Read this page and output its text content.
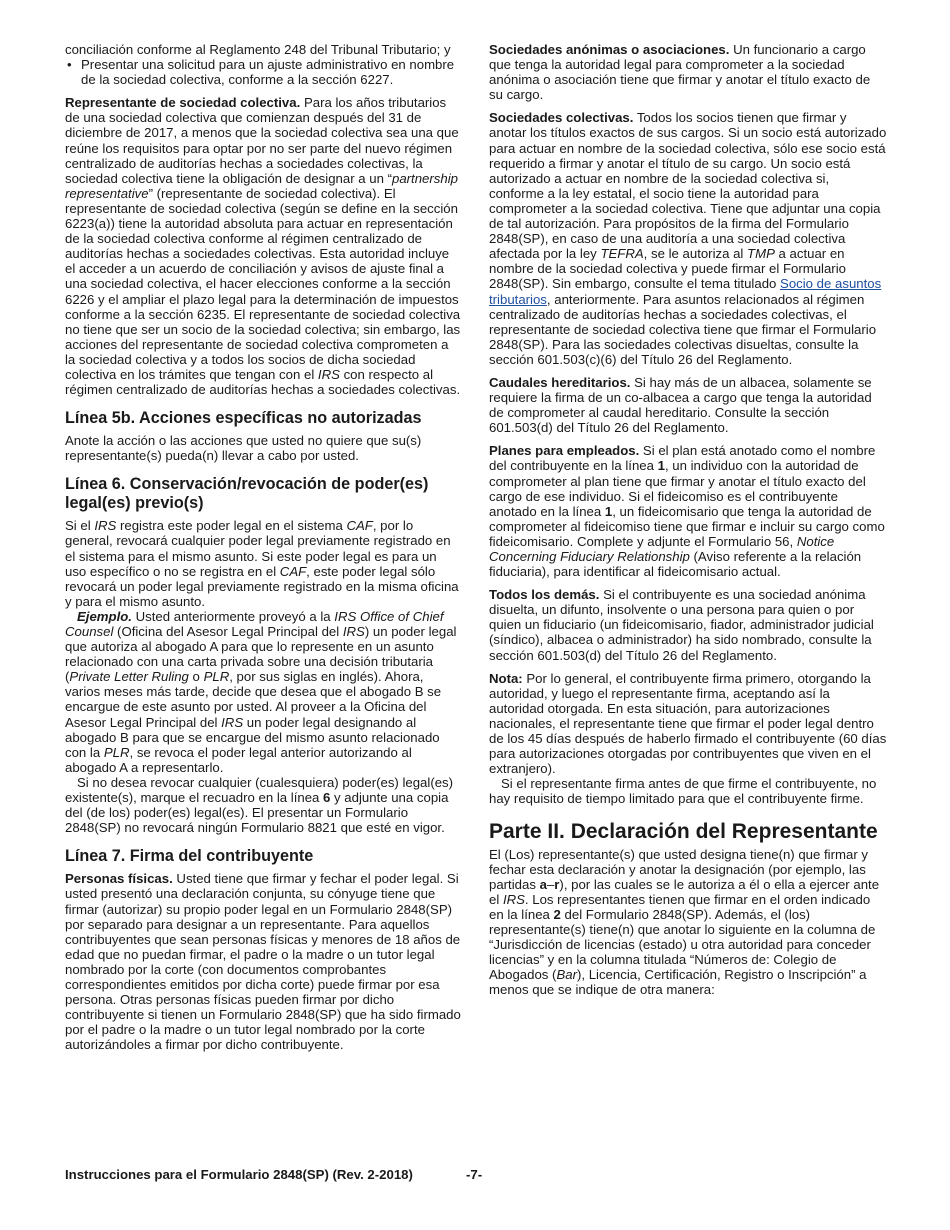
conciliación conforme al Reglamento 248 del Tribunal Tributario; y

• Presentar una solicitud para un ajuste administrativo en nombre de la sociedad colectiva, conforme a la sección 6227.

Representante de sociedad colectiva. Para los años tributarios de una sociedad colectiva que comienzan después del 31 de diciembre de 2017, a menos que la sociedad colectiva sea una que reúne los requisitos para optar por no ser parte del nuevo régimen centralizado de auditorías hechas a sociedades colectivas, la sociedad colectiva tiene la obligación de designar a un “partnership representative” (representante de sociedad colectiva). El representante de sociedad colectiva (según se define en la sección 6223(a)) tiene la autoridad absoluta para actuar en representación de la sociedad colectiva conforme al régimen centralizado de auditorías hechas a sociedades colectivas. Esta autoridad incluye el acceder a un acuerdo de conciliación y avisos de ajuste final a una sociedad colectiva, el hacer elecciones conforme a la sección 6226 y el ampliar el plazo legal para la determinación de impuestos conforme a la sección 6235. El representante de sociedad colectiva no tiene que ser un socio de la sociedad colectiva; sin embargo, las acciones del representante de sociedad colectiva comprometen a la sociedad colectiva y a todos los socios de dicha sociedad colectiva en los trámites que tengan con el IRS con respecto al régimen centralizado de auditorías hechas a sociedades colectivas.

Línea 5b. Acciones específicas no autorizadas

Anote la acción o las acciones que usted no quiere que su(s) representante(s) pueda(n) llevar a cabo por usted.

Línea 6. Conservación/revocación de poder(es) legal(es) previo(s)

Si el IRS registra este poder legal en el sistema CAF, por lo general, revocará cualquier poder legal previamente registrado en el sistema para el mismo asunto. Si este poder legal es para un uso específico o no se registra en el CAF, este poder legal sólo revocará un poder legal previamente registrado en la misma oficina y para el mismo asunto.

Ejemplo. Usted anteriormente proveyó a la IRS Office of Chief Counsel (Oficina del Asesor Legal Principal del IRS) un poder legal que autoriza al abogado A para que lo represente en un asunto relacionado con una carta privada sobre una decisión tributaria (Private Letter Ruling o PLR, por sus siglas en inglés). Ahora, varios meses más tarde, decide que desea que el abogado B se encargue de este asunto por usted. Al proveer a la Oficina del Asesor Legal Principal del IRS un poder legal designando al abogado B para que se encargue del mismo asunto relacionado con la PLR, se revoca el poder legal anterior autorizando al abogado A a representarlo.

Si no desea revocar cualquier (cualesquiera) poder(es) legal(es) existente(s), marque el recuadro en la línea 6 y adjunte una copia del (de los) poder(es) legal(es). El presentar un Formulario 2848(SP) no revocará ningún Formulario 8821 que esté en vigor.

Línea 7. Firma del contribuyente

Personas físicas. Usted tiene que firmar y fechar el poder legal. Si usted presentó una declaración conjunta, su cónyuge tiene que firmar (autorizar) su propio poder legal en un Formulario 2848(SP) por separado para designar a un representante. Para aquellos contribuyentes que sean personas físicas y menores de 18 años de edad que no puedan firmar, el padre o la madre o un tutor legal nombrado por la corte (con documentos comprobantes correspondientes emitidos por dicha corte) puede firmar por esa persona. Otras personas físicas pueden firmar por dicho contribuyente si tienen un Formulario 2848(SP) que ha sido firmado por el padre o la madre o un tutor legal nombrado por la corte autorizándoles a firmar por dicho contribuyente.

Sociedades anónimas o asociaciones. Un funcionario a cargo que tenga la autoridad legal para comprometer a la sociedad anónima o asociación tiene que firmar y anotar el título exacto de su cargo.

Sociedades colectivas. Todos los socios tienen que firmar y anotar los títulos exactos de sus cargos. Si un socio está autorizado para actuar en nombre de la sociedad colectiva, sólo ese socio está requerido a firmar y anotar el título de su cargo. Un socio está autorizado a actuar en nombre de la sociedad colectiva si, conforme a la ley estatal, el socio tiene la autoridad para comprometer a la sociedad colectiva. Tiene que adjuntar una copia de tal autorización. Para propósitos de la firma del Formulario 2848(SP), en caso de una auditoría a una sociedad colectiva afectada por la ley TEFRA, se le autoriza al TMP a actuar en nombre de la sociedad colectiva y puede firmar el Formulario 2848(SP). Sin embargo, consulte el tema titulado Socio de asuntos tributarios, anteriormente. Para asuntos relacionados al régimen centralizado de auditorías hechas a sociedades colectivas, el representante de sociedad colectiva tiene que firmar el Formulario 2848(SP). Para las sociedades colectivas disueltas, consulte la sección 601.503(c)(6) del Título 26 del Reglamento.

Caudales hereditarios. Si hay más de un albacea, solamente se requiere la firma de un co-albacea a cargo que tenga la autoridad de comprometer al caudal hereditario. Consulte la sección 601.503(d) del Título 26 del Reglamento.

Planes para empleados. Si el plan está anotado como el nombre del contribuyente en la línea 1, un individuo con la autoridad de comprometer al plan tiene que firmar y anotar el título exacto del cargo de ese individuo. Si el fideicomiso es el contribuyente anotado en la línea 1, un fideicomisario que tenga la autoridad de comprometer al fideicomiso tiene que firmar e incluir su cargo como fideicomisario. Complete y adjunte el Formulario 56, Notice Concerning Fiduciary Relationship (Aviso referente a la relación fiduciaria), para identificar al fideicomisario actual.

Todos los demás. Si el contribuyente es una sociedad anónima disuelta, un difunto, insolvente o una persona para quien o por quien un fiduciario (un fideicomisario, fiador, administrador judicial (síndico), albacea o administrador) ha sido nombrado, consulte la sección 601.503(d) del Título 26 del Reglamento.

Nota: Por lo general, el contribuyente firma primero, otorgando la autoridad, y luego el representante firma, aceptando así la autoridad otorgada. En esta situación, para autorizaciones nacionales, el representante tiene que firmar el poder legal dentro de los 45 días después de haberlo firmado el contribuyente (60 días para autorizaciones otorgadas por contribuyentes que viven en el extranjero).

Si el representante firma antes de que firme el contribuyente, no hay requisito de tiempo limitado para que el contribuyente firme.

Parte II. Declaración del Representante

El (Los) representante(s) que usted designa tiene(n) que firmar y fechar esta declaración y anotar la designación (por ejemplo, las partidas a–r), por las cuales se le autoriza a él o ella a ejercer ante el IRS. Los representantes tienen que firmar en el orden indicado en la línea 2 del Formulario 2848(SP). Además, el (los) representante(s) tiene(n) que anotar lo siguiente en la columna de “Jurisdicción de licencias (estado) u otra autoridad para conceder licencias” y en la columna titulada “Números de: Colegio de Abogados (Bar), Licencia, Certificación, Registro o Inscripción” a menos que se indique de otra manera:

Instrucciones para el Formulario 2848(SP) (Rev. 2-2018)	-7-
